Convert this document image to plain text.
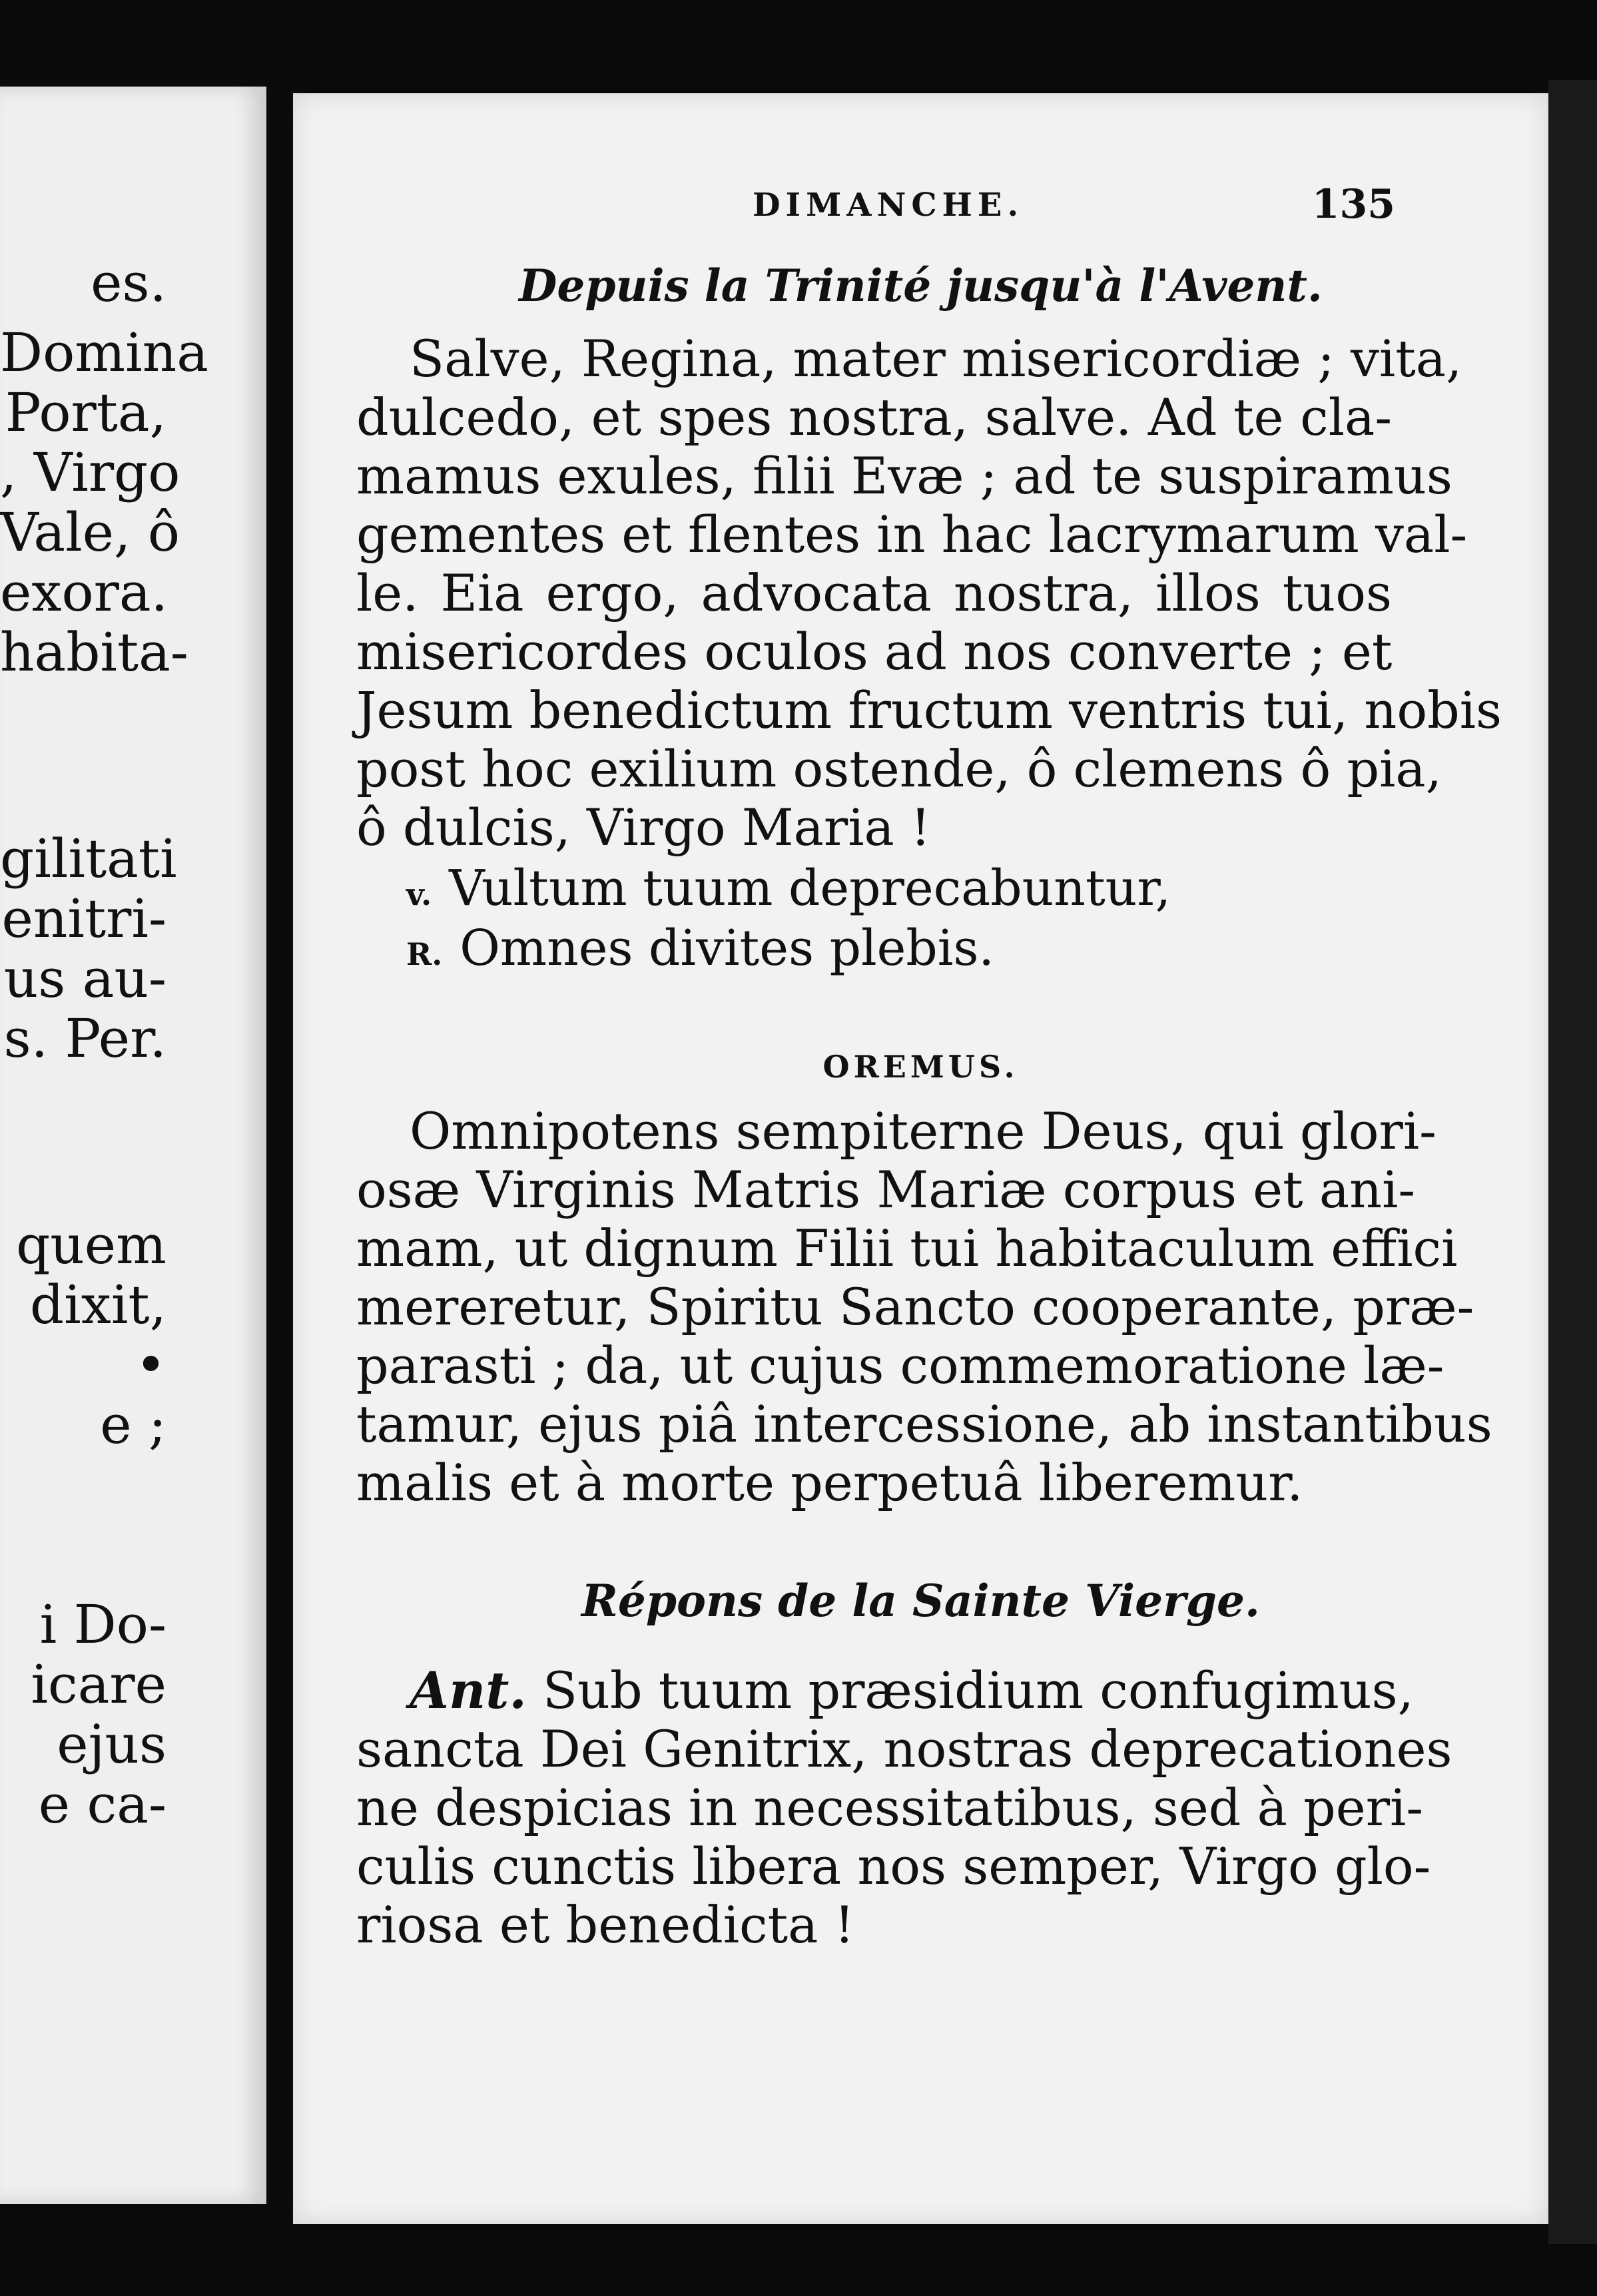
es.
Domina
Porta,
, Virgo
Vale, ô
exora.
habita-
gilitati
enitri-
us au-
s. Per.
quem
dixit,
•
e ;
i Do-
icare
ejus
e ca-
DIMANCHE.	135
Depuis la Trinité jusqu'à l'Avent.
Salve, Regina, mater misericordiæ ; vita,
dulcedo, et spes nostra, salve. Ad te cla-
mamus exules, filii Evæ ; ad te suspiramus
gementes et flentes in hac lacrymarum val-
le. Eia ergo, advocata nostra, illos tuos
misericordes oculos ad nos converte ; et
Jesum benedictum fructum ventris tui, nobis
post hoc exilium ostende, ô clemens ô pia,
ô dulcis, Virgo Maria !
v. Vultum tuum deprecabuntur,
R. Omnes divites plebis.
OREMUS.
Omnipotens sempiterne Deus, qui glori-
osæ Virginis Matris Mariæ corpus et ani-
mam, ut dignum Filii tui habitaculum effici
mereretur, Spiritu Sancto cooperante, præ-
parasti ; da, ut cujus commemoratione læ-
tamur, ejus piâ intercessione, ab instantibus
malis et à morte perpetuâ liberemur.
Répons de la Sainte Vierge.
Ant. Sub tuum præsidium confugimus,
sancta Dei Genitrix, nostras deprecationes
ne despicias in necessitatibus, sed à peri-
culis cunctis libera nos semper, Virgo glo-
riosa et benedicta !
